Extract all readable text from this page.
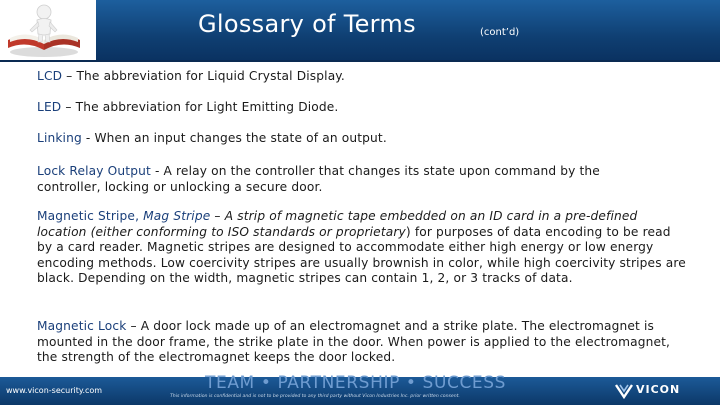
Glossary of Terms	(cont’d)
LCD – The abbreviation for Liquid Crystal Display.
LED – The abbreviation for Light Emitting Diode.
Linking - When an input changes the state of an output.
Lock Relay Output - A relay on the controller that changes its state upon command by the controller, locking or unlocking a secure door.
Magnetic Stripe, Mag Stripe – A strip of magnetic tape embedded on an ID card in a pre-defined location (either conforming to ISO standards or proprietary) for purposes of data encoding to be read by a card reader. Magnetic stripes are designed to accommodate either high energy or low energy encoding methods. Low coercivity stripes are usually brownish in color, while high coercivity stripes are black. Depending on the width, magnetic stripes can contain 1, 2, or 3 tracks of data.
Magnetic Lock – A door lock made up of an electromagnet and a strike plate. The electromagnet is mounted in the door frame, the strike plate in the door. When power is applied to the electromagnet, the strength of the electromagnet keeps the door locked.
www.vicon-security.com	TEAM • PARTNERSHIP • SUCCESS
This information is confidential and is not to be provided to any third party without Vicon Industries Inc. prior written consent.
VICON
